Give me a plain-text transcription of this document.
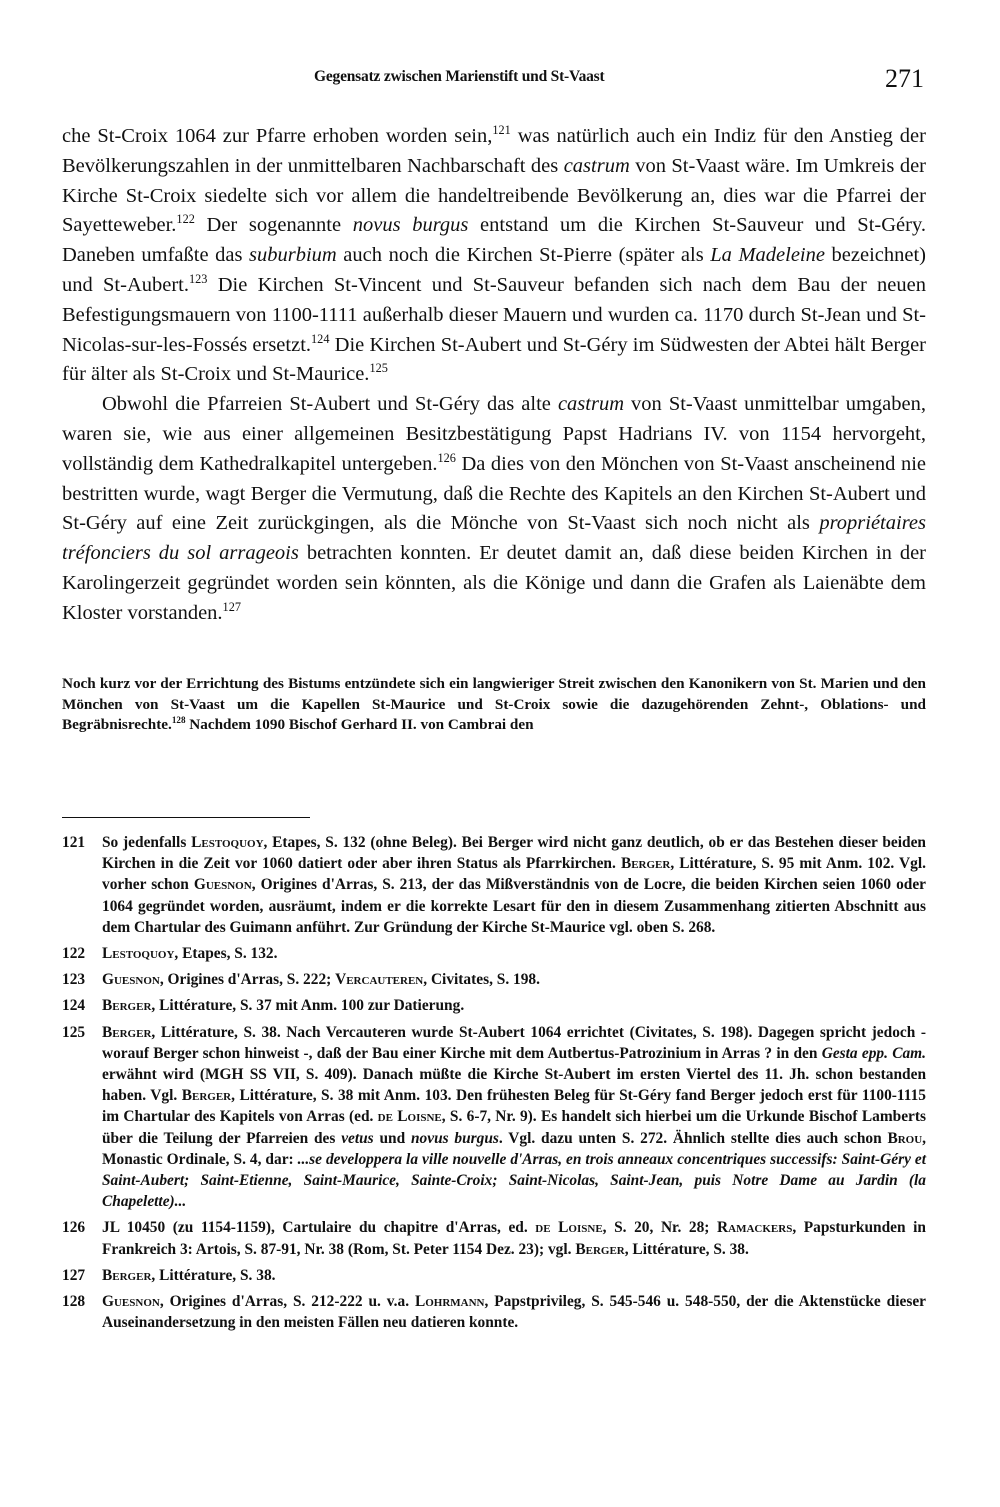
Gegensatz zwischen Marienstift und St-Vaast	271

che St-Croix 1064 zur Pfarre erhoben worden sein,$^{121}$ was natürlich auch ein Indiz für den Anstieg der Bevölkerungszahlen in der unmittelbaren Nachbarschaft des castrum von St-Vaast wäre. Im Umkreis der Kirche St-Croix siedelte sich vor allem die handeltreibende Bevölkerung an, dies war die Pfarrei der Sayetteweber.$^{122}$ Der sogenannte novus burgus entstand um die Kirchen St-Sauveur und St-Géry. Daneben umfaßte das suburbium auch noch die Kirchen St-Pierre (später als La Madeleine bezeichnet) und St-Aubert.$^{123}$ Die Kirchen St-Vincent und St-Sauveur befanden sich nach dem Bau der neuen Befestigungsmauern von 1100-1111 außerhalb dieser Mauern und wurden ca. 1170 durch St-Jean und St-Nicolas-sur-les-Fossés ersetzt.$^{124}$ Die Kirchen St-Aubert und St-Géry im Südwesten der Abtei hält Berger für älter als St-Croix und St-Maurice.$^{125}$

Obwohl die Pfarreien St-Aubert und St-Géry das alte castrum von St-Vaast unmittelbar umgaben, waren sie, wie aus einer allgemeinen Besitzbestätigung Papst Hadrians IV. von 1154 hervorgeht, vollständig dem Kathedralkapitel untergeben.$^{126}$ Da dies von den Mönchen von St-Vaast anscheinend nie bestritten wurde, wagt Berger die Vermutung, daß die Rechte des Kapitels an den Kirchen St-Aubert und St-Géry auf eine Zeit zurückgingen, als die Mönche von St-Vaast sich noch nicht als propriétaires tréfonciers du sol arrageois betrachten konnten. Er deutet damit an, daß diese beiden Kirchen in der Karolingerzeit gegründet worden sein könnten, als die Könige und dann die Grafen als Laienäbte dem Kloster vorstanden.$^{127}$

Noch kurz vor der Errichtung des Bistums entzündete sich ein langwieriger Streit zwischen den Kanonikern von St. Marien und den Mönchen von St-Vaast um die Kapellen St-Maurice und St-Croix sowie die dazugehörenden Zehnt-, Oblations- und Begräbnisrechte.$^{128}$ Nachdem 1090 Bischof Gerhard II. von Cambrai den
121	So jedenfalls Lestoquoy, Etapes, S. 132 (ohne Beleg). Bei Berger wird nicht ganz deutlich, ob er das Bestehen dieser beiden Kirchen in die Zeit vor 1060 datiert oder aber ihren Status als Pfarrkirchen. Berger, Littérature, S. 95 mit Anm. 102. Vgl. vorher schon Guesnon, Origines d'Arras, S. 213, der das Mißverständnis von de Locre, die beiden Kirchen seien 1060 oder 1064 gegründet worden, ausräumt, indem er die korrekte Lesart für den in diesem Zusammenhang zitierten Abschnitt aus dem Chartular des Guimann anführt. Zur Gründung der Kirche St-Maurice vgl. oben S. 268.
122	Lestoquoy, Etapes, S. 132.
123	Guesnon, Origines d'Arras, S. 222; Vercauteren, Civitates, S. 198.
124	Berger, Littérature, S. 37 mit Anm. 100 zur Datierung.
125	Berger, Littérature, S. 38. Nach Vercauteren wurde St-Aubert 1064 errichtet (Civitates, S. 198). Dagegen spricht jedoch - worauf Berger schon hinweist -, daß der Bau einer Kirche mit dem Autbertus-Patrozinium in Arras ? in den Gesta epp. Cam. erwähnt wird (MGH SS VII, S. 409). Danach müßte die Kirche St-Aubert im ersten Viertel des 11. Jh. schon bestanden haben. Vgl. Berger, Littérature, S. 38 mit Anm. 103. Den frühesten Beleg für St-Géry fand Berger jedoch erst für 1100-1115 im Chartular des Kapitels von Arras (ed. de Loisne, S. 6-7, Nr. 9). Es handelt sich hierbei um die Urkunde Bischof Lamberts über die Teilung der Pfarreien des vetus und novus burgus. Vgl. dazu unten S. 272. Ähnlich stellte dies auch schon Brou, Monastic Ordinale, S. 4, dar: ...se developpera la ville nouvelle d'Arras, en trois anneaux concentriques successifs: Saint-Géry et Saint-Aubert; Saint-Etienne, Saint-Maurice, Sainte-Croix; Saint-Nicolas, Saint-Jean, puis Notre Dame au Jardin (la Chapelette)...
126	JL 10450 (zu 1154-1159), Cartulaire du chapitre d'Arras, ed. de Loisne, S. 20, Nr. 28; Ramackers, Papsturkunden in Frankreich 3: Artois, S. 87-91, Nr. 38 (Rom, St. Peter 1154 Dez. 23); vgl. Berger, Littérature, S. 38.
127	Berger, Littérature, S. 38.
128	Guesnon, Origines d'Arras, S. 212-222 u. v.a. Lohrmann, Papstprivileg, S. 545-546 u. 548-550, der die Aktenstücke dieser Auseinandersetzung in den meisten Fällen neu datieren konnte.
